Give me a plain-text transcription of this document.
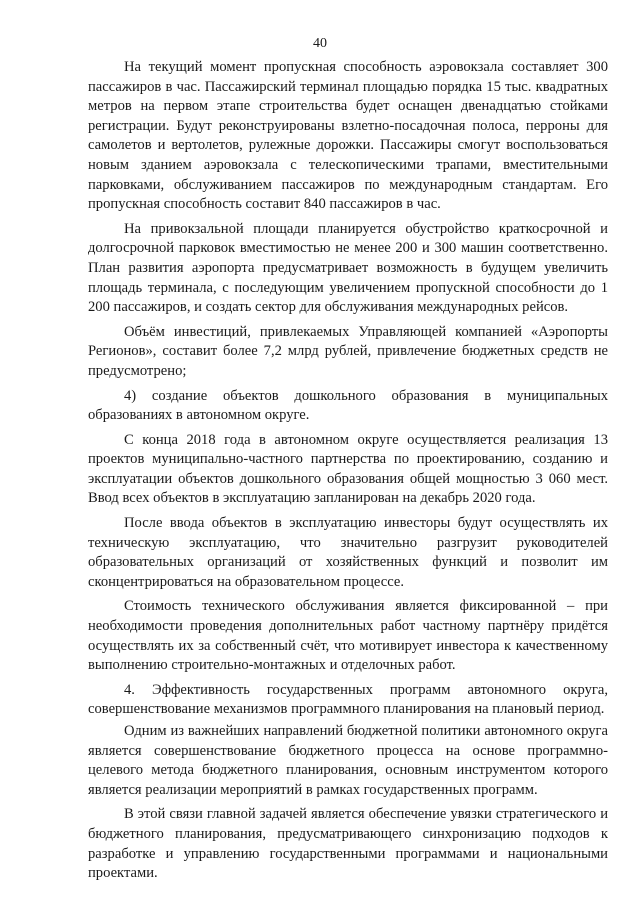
40

На текущий момент пропускная способность аэровокзала составляет 300 пассажиров в час. Пассажирский терминал площадью порядка 15 тыс. квадратных метров на первом этапе строительства будет оснащен двенадцатью стойками регистрации. Будут реконструированы взлетно-посадочная полоса, перроны для самолетов и вертолетов, рулежные дорожки. Пассажиры смогут воспользоваться новым зданием аэровокзала с телескопическими трапами, вместительными парковками, обслуживанием пассажиров по международным стандартам. Его пропускная способность составит 840 пассажиров в час.

На привокзальной площади планируется обустройство краткосрочной и долгосрочной парковок вместимостью не менее 200 и 300 машин соответственно. План развития аэропорта предусматривает возможность в будущем увеличить площадь терминала, с последующим увеличением пропускной способности до 1 200 пассажиров, и создать сектор для обслуживания международных рейсов.

Объём инвестиций, привлекаемых Управляющей компанией «Аэропорты Регионов», составит более 7,2 млрд рублей, привлечение бюджетных средств не предусмотрено;

4) создание объектов дошкольного образования в муниципальных образованиях в автономном округе.

С конца 2018 года в автономном округе осуществляется реализация 13 проектов муниципально-частного партнерства по проектированию, созданию и эксплуатации объектов дошкольного образования общей мощностью 3 060 мест. Ввод всех объектов в эксплуатацию запланирован на декабрь 2020 года.

После ввода объектов в эксплуатацию инвесторы будут осуществлять их техническую эксплуатацию, что значительно разгрузит руководителей образовательных организаций от хозяйственных функций и позволит им сконцентрироваться на образовательном процессе.

Стоимость технического обслуживания является фиксированной – при необходимости проведения дополнительных работ частному партнёру придётся осуществлять их за собственный счёт, что мотивирует инвестора к качественному выполнению строительно-монтажных и отделочных работ.

4. Эффективность государственных программ автономного округа, совершенствование механизмов программного планирования на плановый период.

Одним из важнейших направлений бюджетной политики автономного округа является совершенствование бюджетного процесса на основе программно-целевого метода бюджетного планирования, основным инструментом которого является реализации мероприятий в рамках государственных программ.

В этой связи главной задачей является обеспечение увязки стратегического и бюджетного планирования, предусматривающего синхронизацию подходов к разработке и управлению государственными программами и национальными проектами.
